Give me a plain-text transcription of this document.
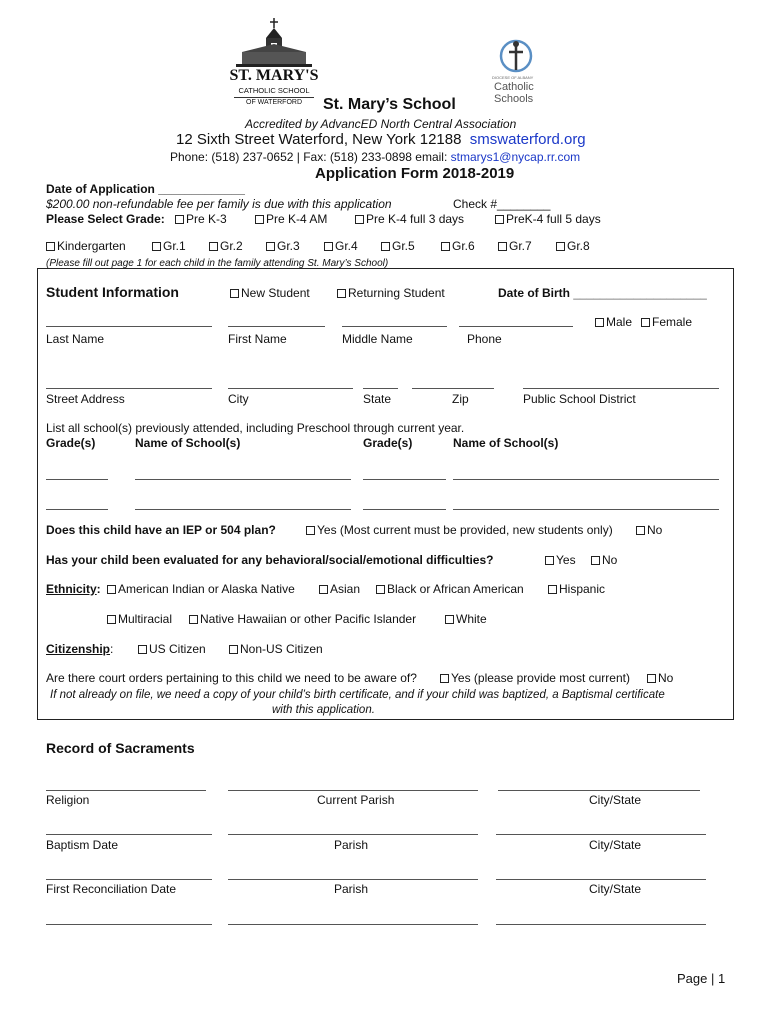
ST. MARY'S
CATHOLIC SCHOOL
OF WATERFORD
DIOCESE OF ALBANY
Catholic
Schools
St. Mary’s School
Accredited by AdvancED North Central Association
12 Sixth Street Waterford, New York 12188 smswaterford.org
Phone: (518) 237-0652 | Fax: (518) 233-0898 email: stmarys1@nycap.rr.com
Application Form 2018-2019
Date of Application _____________
$200.00 non-refundable fee per family is due with this application	Check #________
Please Select Grade:	Pre K-3	Pre K-4 AM	Pre K-4 full 3 days	PreK-4 full 5 days
Kindergarten	Gr.1	Gr.2	Gr.3	Gr.4	Gr.5	Gr.6	Gr.7	Gr.8
(Please fill out page 1 for each child in the family attending St. Mary’s School)
Student Information	New Student	Returning Student	Date of Birth ____________________
Male	Female
Last Name	First Name	Middle Name	Phone
Street Address	City	State	Zip	Public School District
List all school(s) previously attended, including Preschool through current year.
Grade(s)	Name of School(s)	Grade(s)	Name of School(s)
Does this child have an IEP or 504 plan?	Yes (Most current must be provided, new students only)	No
Has your child been evaluated for any behavioral/social/emotional difficulties?	Yes	No
Ethnicity:	American Indian or Alaska Native	Asian	Black or African American	Hispanic
Multiracial	Native Hawaiian or other Pacific Islander	White
Citizenship:	US Citizen	Non-US Citizen
Are there court orders pertaining to this child we need to be aware of?	Yes (please provide most current)	No
If not already on file, we need a copy of your child’s birth certificate, and if your child was baptized, a Baptismal certificate
with this application.
Record of Sacraments
Religion	Current Parish	City/State
Baptism Date	Parish	City/State
First Reconciliation Date	Parish	City/State
Page | 1
